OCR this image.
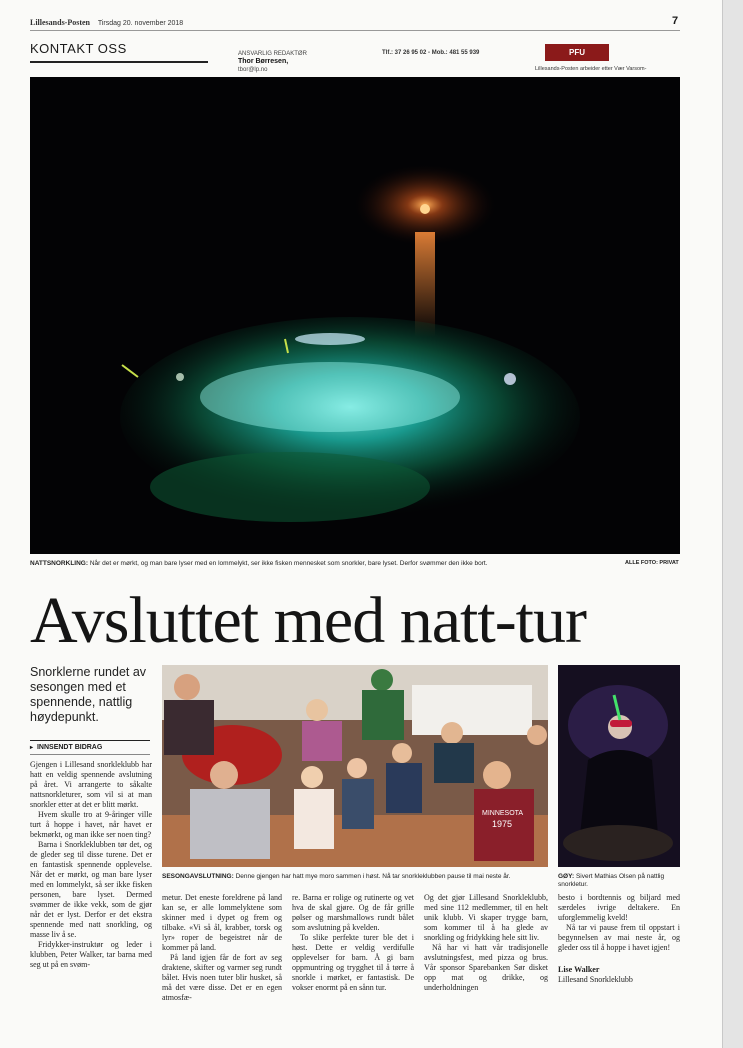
Lillesands-Posten Tirsdag 20. november 2018	7
KONTAKT OSS	ANSVARLIG REDAKTØR
Thor Børresen,
tbor@lp.no
Tlf.: 37 26 95 02 - Mob.: 481 55 939	PFU
Lillesands-Posten arbeider etter Vær Varsom-
NATTSNORKLING: Når det er mørkt, og man bare lyser med en lommelykt, ser ikke fisken mennesket som snorkler, bare lyset. Derfor svømmer den ikke bort.	ALLE FOTO: PRIVAT
Avsluttet med natt-tur
Snorklerne rundet av sesongen med et spennende, nattlig høydepunkt.
▸ INNSENDT BIDRAG

Gjengen i Lillesand snorkleklubb har hatt en veldig spennende avslutning på året. Vi arrangerte to såkalte nattsnorkleturer, som vil si at man snorkler etter at det er blitt mørkt.

Hvem skulle tro at 9-åringer ville turt å hoppe i havet, når havet er bekmørkt, og man ikke ser noen ting?

Barna i Snorkleklubben tør det, og de gleder seg til disse turene. Det er en fantastisk spennende opplevelse. Når det er mørkt, og man bare lyser med en lommelykt, så ser ikke fisken personen, bare lyset. Dermed svømmer de ikke vekk, som de gjør når det er lyst. Derfor er det ekstra spennende med natt snorkling, og masse liv å se.

Fridykker-instruktør og leder i klubben, Peter Walker, tar barna med seg ut på en svøm-

MINNESOTA
1975
SESONGAVSLUTNING: Denne gjengen har hatt mye moro sammen i høst. Nå tar snorkleklubben pause til mai neste år.	GØY: Sivert Mathias Olsen på nattlig snorkletur.

metur. Det eneste foreldrene på land kan se, er alle lommelyktene som skinner med i dypet og frem og tilbake. «Vi så ål, krabber, torsk og lyr» roper de begeistret når de kommer på land.

På land igjen får de fort av seg draktene, skifter og varmer seg rundt bålet. Hvis noen tuter blir husket, så må det være disse. Det er en egen atmosfæ-

re. Barna er rolige og rutinerte og vet hva de skal gjøre. Og de får grille pølser og marshmallows rundt bålet som avslutning på kvelden.

To slike perfekte turer ble det i høst. Dette er veldig verdifulle opplevelser for barn. Å gi barn oppmuntring og trygghet til å tørre å snorkle i mørket, er fantastisk. De vokser enormt på en sånn tur.

Og det gjør Lillesand Snorkleklubb, med sine 112 medlemmer, til en helt unik klubb. Vi skaper trygge barn, som kommer til å ha glede av snorkling og fridykking hele sitt liv.

Nå har vi hatt vår tradisjonelle avslutningsfest, med pizza og brus. Vår sponsor Sparebanken Sør disket opp mat og drikke, og underholdningen

besto i bordtennis og biljard med særdeles ivrige deltakere. En uforglemmelig kveld!

Nå tar vi pause frem til oppstart i begynnelsen av mai neste år, og gleder oss til å hoppe i havet igjen!

Lise Walker
Lillesand Snorkleklubb
